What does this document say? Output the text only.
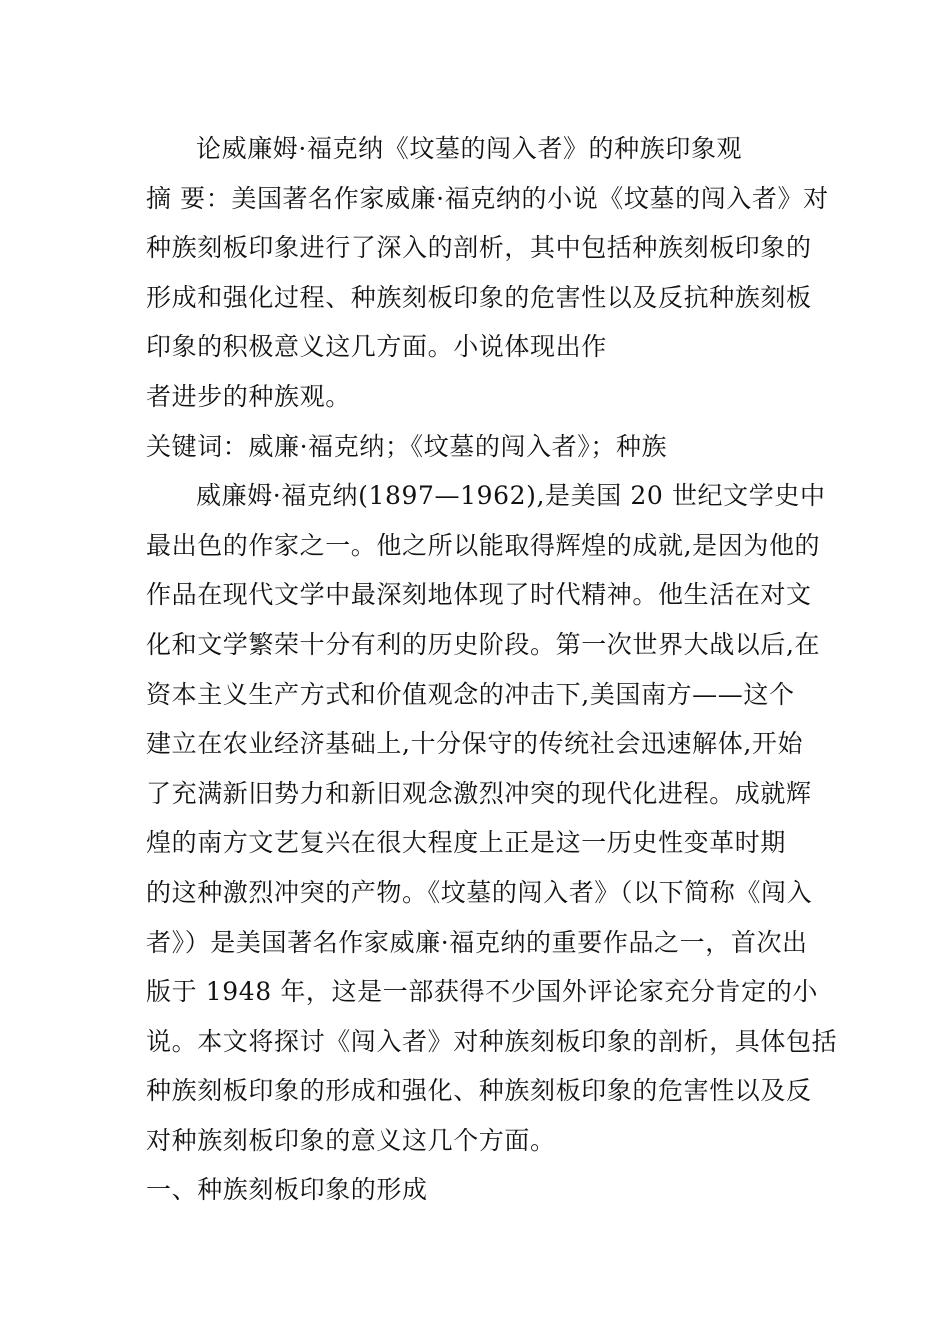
论威廉姆·福克纳《坟墓的闯入者》的种族印象观
摘 要：美国著名作家威廉·福克纳的小说《坟墓的闯入者》对
种族刻板印象进行了深入的剖析，其中包括种族刻板印象的
形成和强化过程、种族刻板印象的危害性以及反抗种族刻板
印象的积极意义这几方面。小说体现出作
者进步的种族观。
关键词：威廉·福克纳；《坟墓的闯入者》；种族
威廉姆·福克纳(1897—1962),是美国 20 世纪文学史中
最出色的作家之一。他之所以能取得辉煌的成就,是因为他的
作品在现代文学中最深刻地体现了时代精神。他生活在对文
化和文学繁荣十分有利的历史阶段。第一次世界大战以后,在
资本主义生产方式和价值观念的冲击下,美国南方——这个
建立在农业经济基础上,十分保守的传统社会迅速解体,开始
了充满新旧势力和新旧观念激烈冲突的现代化进程。成就辉
煌的南方文艺复兴在很大程度上正是这一历史性变革时期
的这种激烈冲突的产物。《坟墓的闯入者》（以下简称《闯入
者》）是美国著名作家威廉·福克纳的重要作品之一，首次出
版于 1948 年，这是一部获得不少国外评论家充分肯定的小
说。本文将探讨《闯入者》对种族刻板印象的剖析，具体包括
种族刻板印象的形成和强化、种族刻板印象的危害性以及反
对种族刻板印象的意义这几个方面。
一、种族刻板印象的形成
